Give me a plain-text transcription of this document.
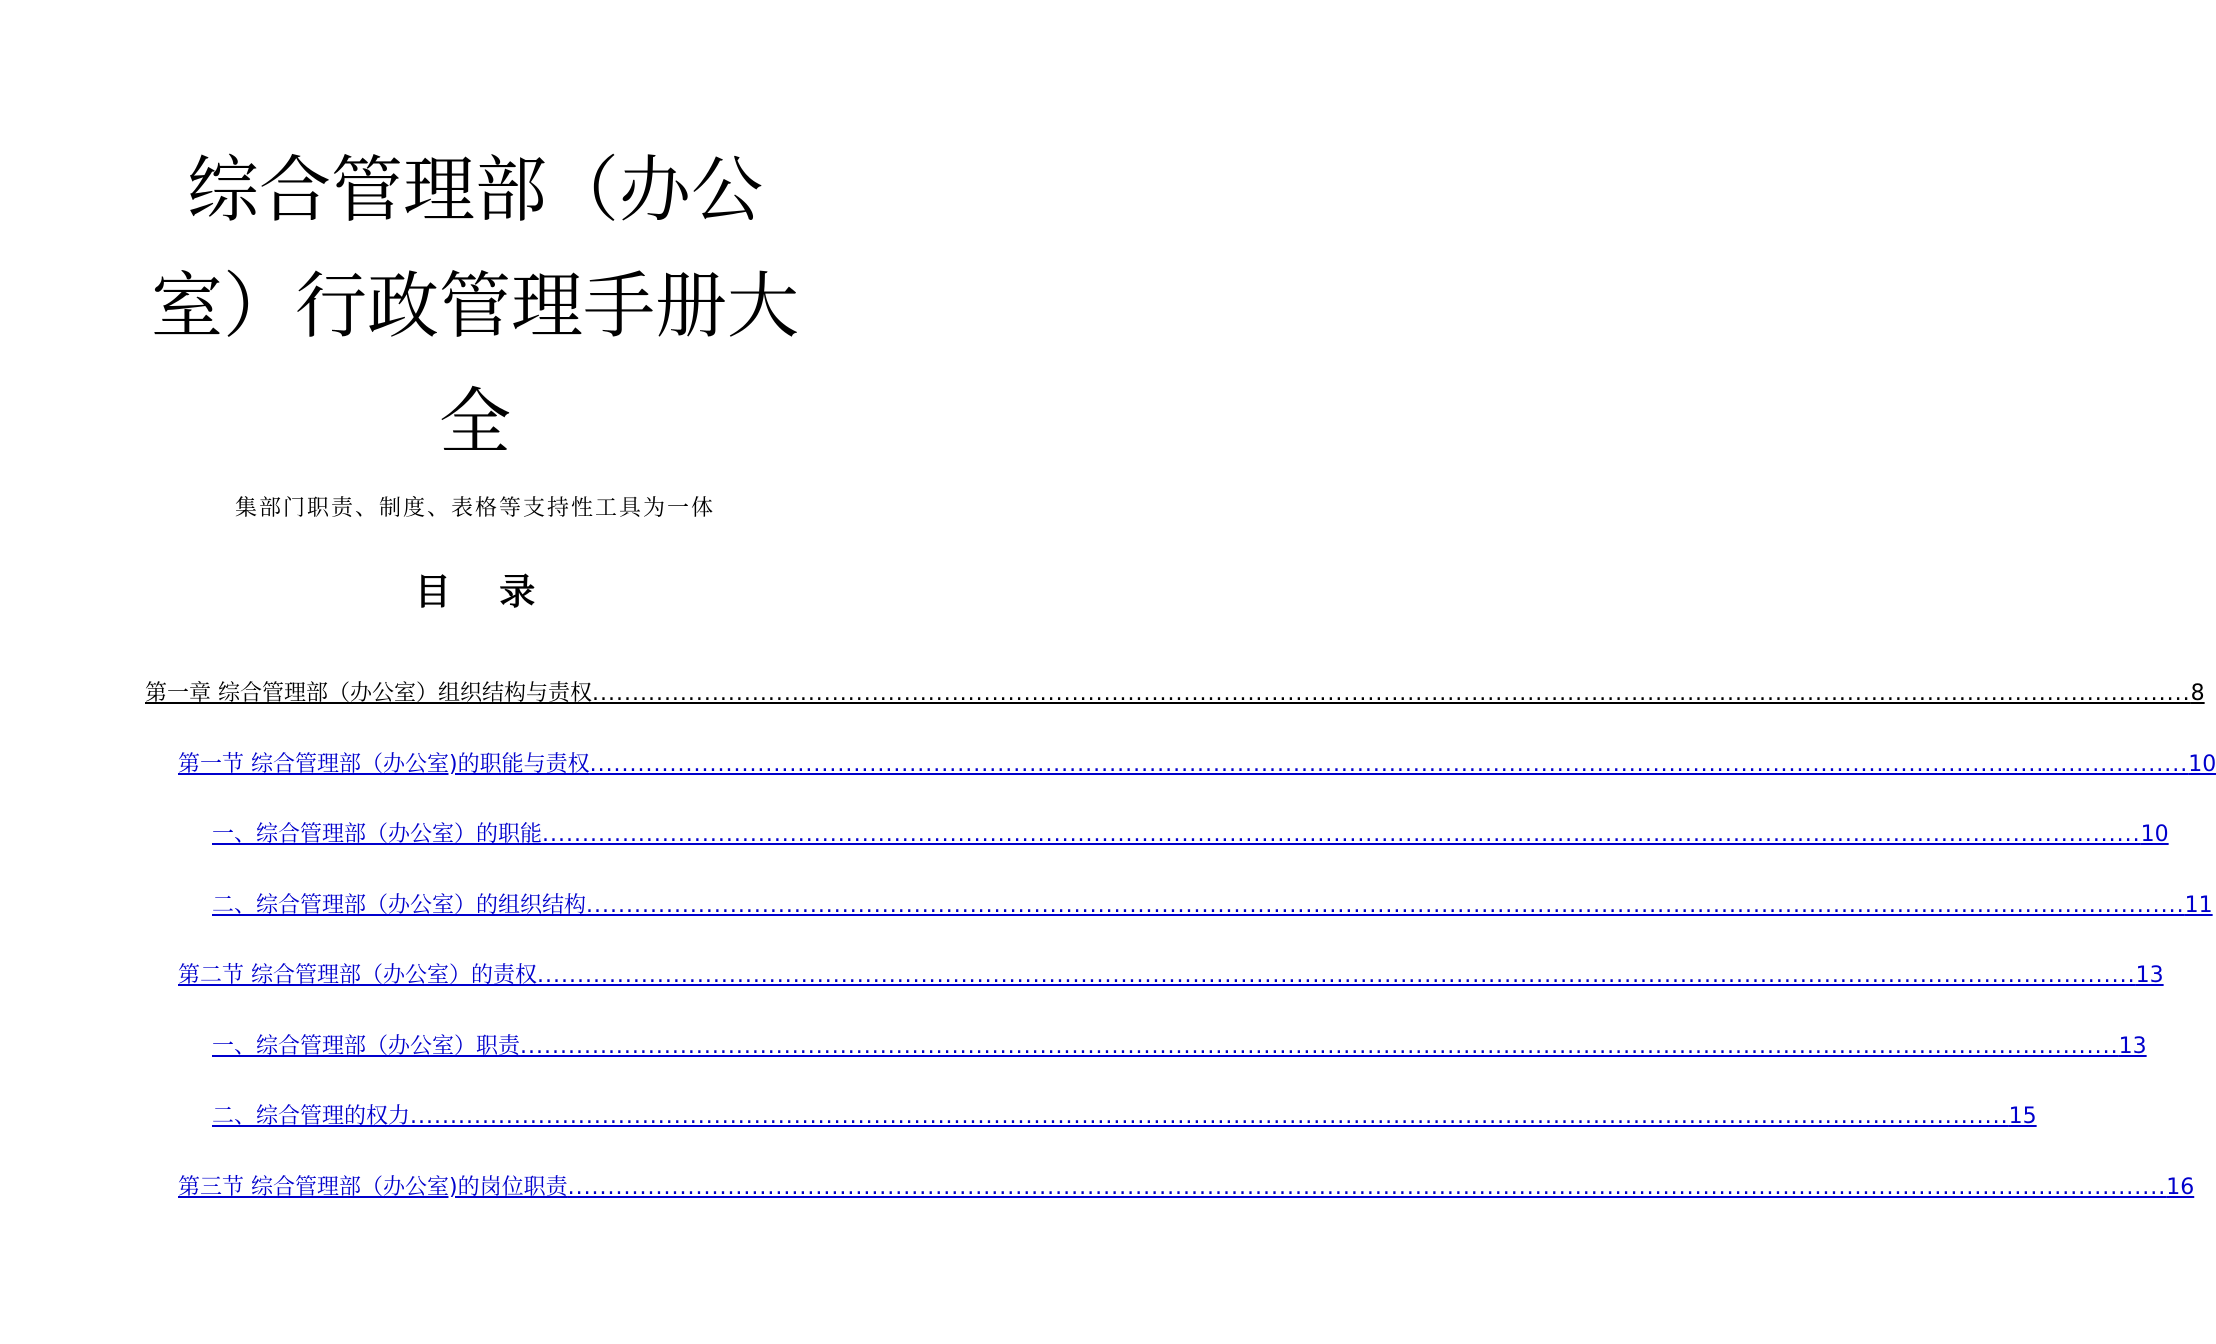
综合管理部（办公
室）行政管理手册大
全
集部门职责、制度、表格等支持性工具为一体
目 录
第一章 综合管理部（办公室）组织结构与责权 ........................................................................................................................................................................................................ 8
第一节 综合管理部（办公室)的职能与责权 ........................................................................................................................................................................................................ 10
一、综合管理部（办公室）的职能 ........................................................................................................................................................................................................ 10
二、综合管理部（办公室）的组织结构 ........................................................................................................................................................................................................ 11
第二节 综合管理部（办公室）的责权 ........................................................................................................................................................................................................ 13
一、综合管理部（办公室）职责 ........................................................................................................................................................................................................ 13
二、综合管理的权力 ........................................................................................................................................................................................................ 15
第三节 综合管理部（办公室)的岗位职责 ........................................................................................................................................................................................................ 16
